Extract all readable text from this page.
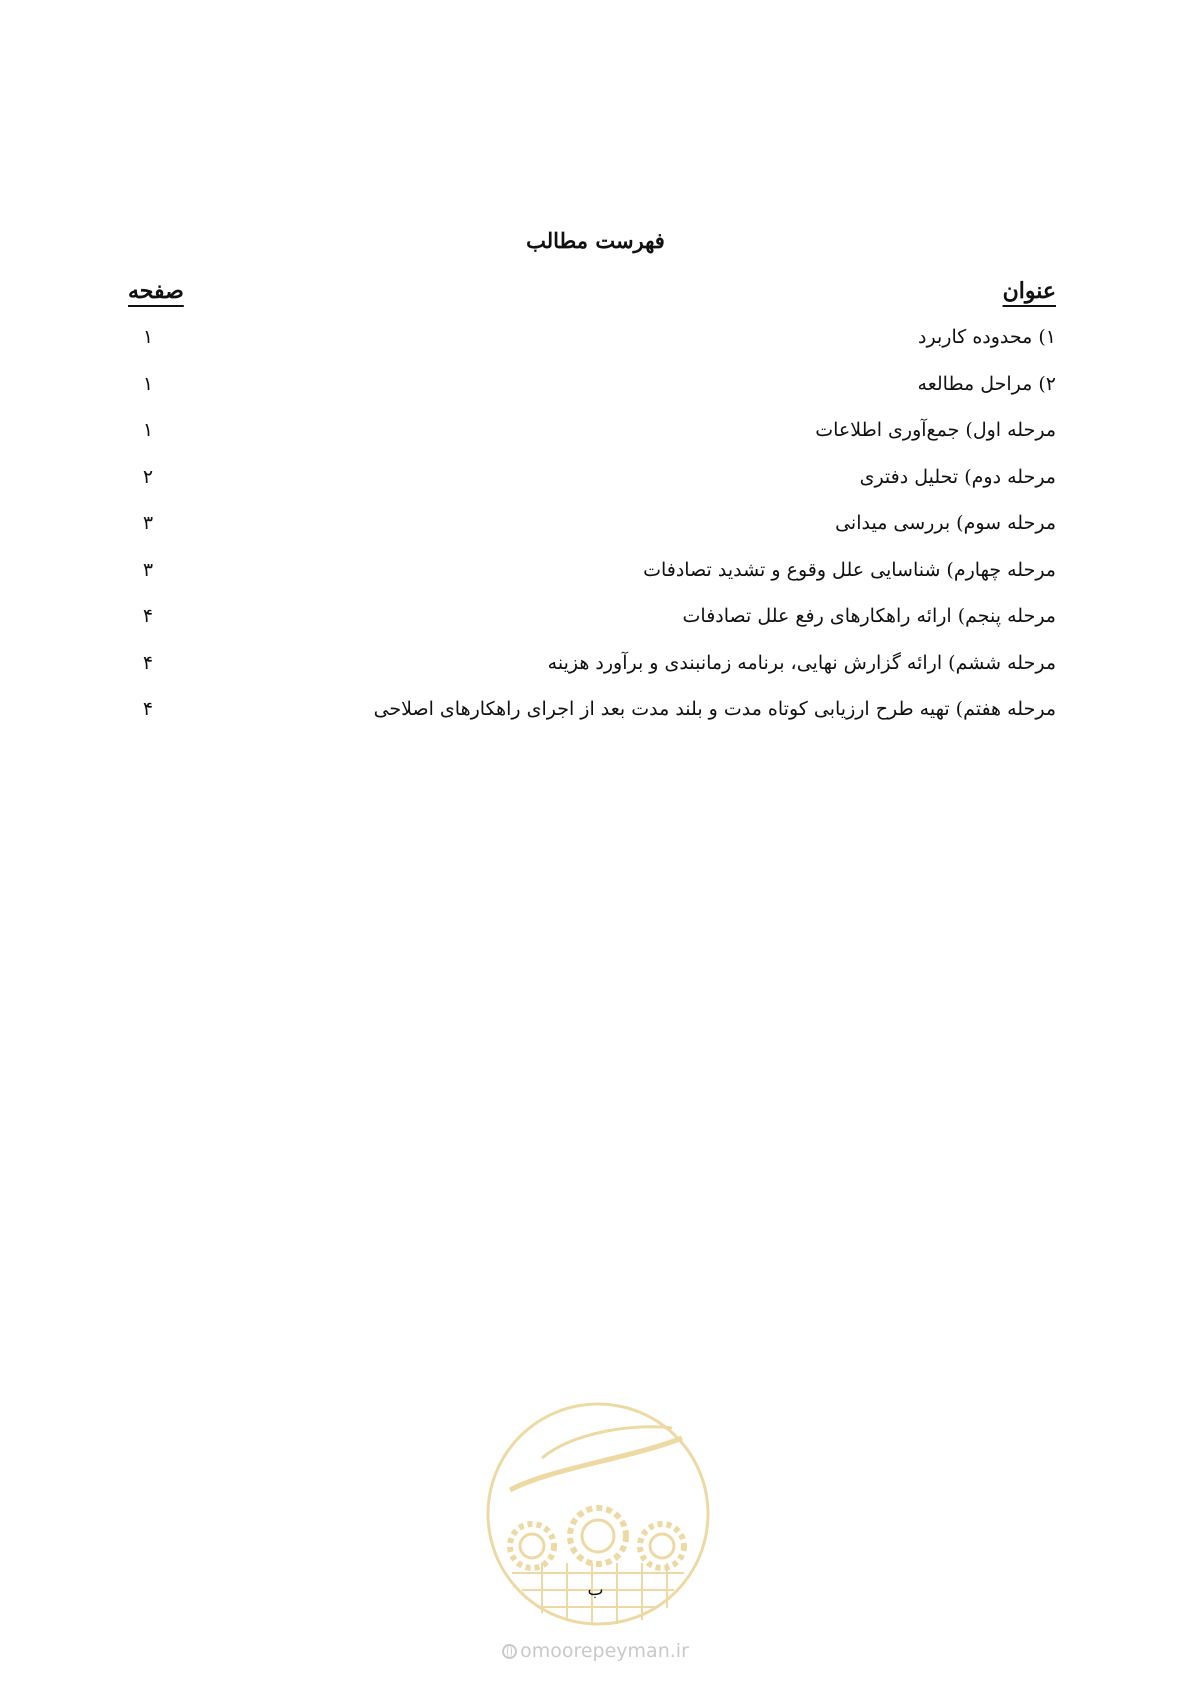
فهرست مطالب
عنوان
صفحه
۱) محدوده کاربرد
۱
۲) مراحل مطالعه
۱
مرحله اول) جمع‌آوری اطلاعات
۱
مرحله دوم) تحلیل دفتری
۲
مرحله سوم) بررسی میدانی
۳
مرحله چهارم) شناسایی علل وقوع و تشدید تصادفات
۳
مرحله پنجم) ارائه راهکارهای رفع علل تصادفات
۴
مرحله ششم) ارائه گزارش نهایی، برنامه زمانبندی و برآورد هزینه
۴
مرحله هفتم) تهیه طرح ارزیابی کوتاه مدت و بلند مدت بعد از اجرای راهکارهای اصلاحی
۴
ب
omoorepeyman.ir
